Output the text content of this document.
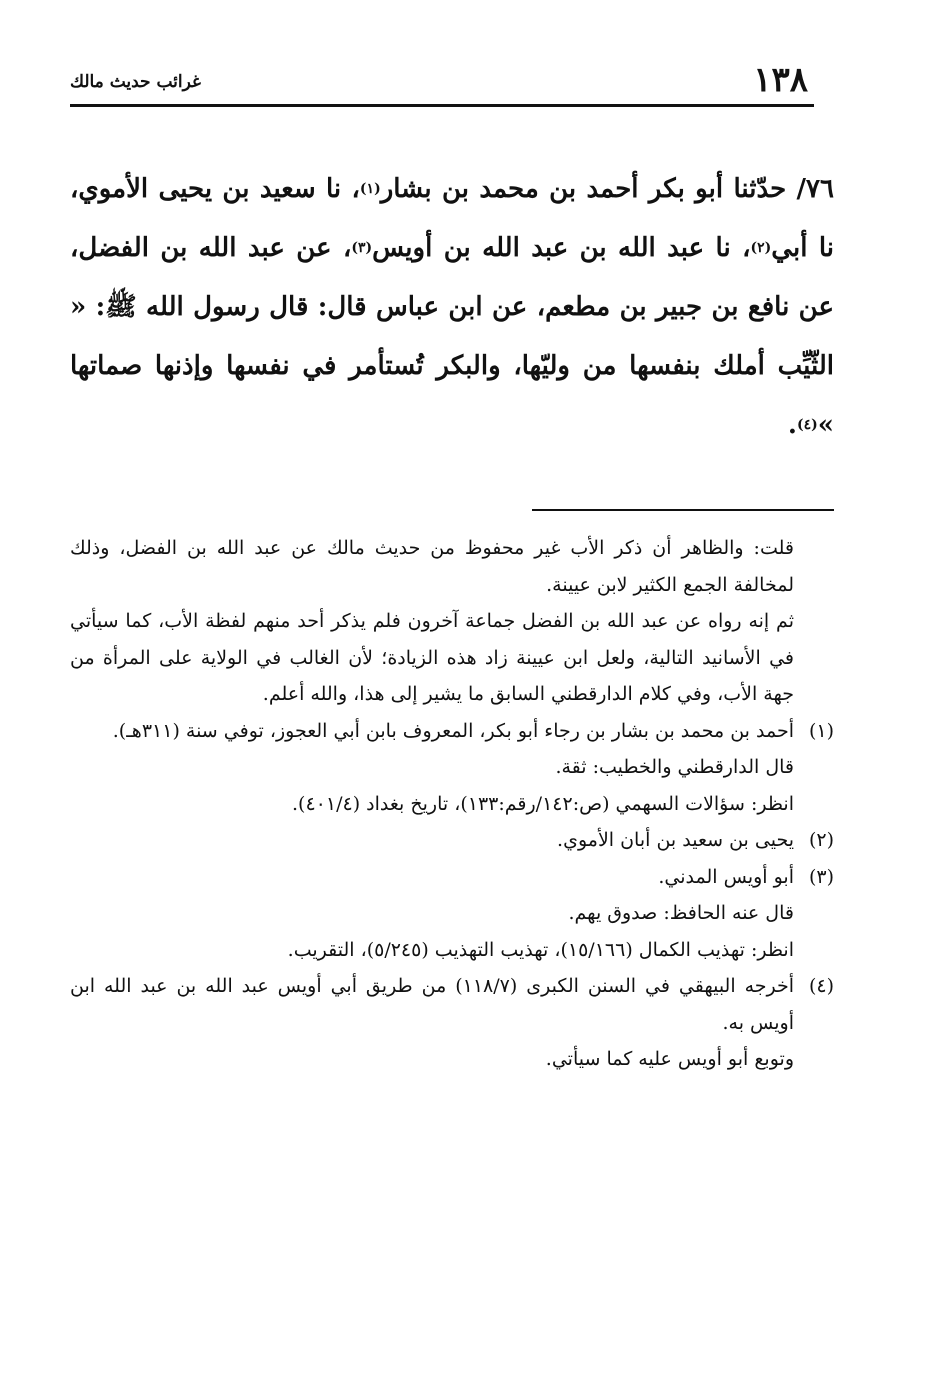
١٣٨
غرائب حديث مالك

٧٦/ حدّثنا أبو بكر أحمد بن محمد بن بشار$^{(١)}$، نا سعيد بن يحيى الأموي، نا أبي$^{(٢)}$، نا عبد الله بن عبد الله بن أويس$^{(٣)}$، عن عبد الله بن الفضل، عن نافع بن جبير بن مطعم، عن ابن عباس قال: قال رسول الله ﷺ: « الثّيِّب أملك بنفسها من وليّها، والبكر تُستأمر في نفسها وإذنها صماتها »$^{(٤)}$.

قلت: والظاهر أن ذكر الأب غير محفوظ من حديث مالك عن عبد الله بن الفضل، وذلك لمخالفة الجمع الكثير لابن عيينة.

ثم إنه رواه عن عبد الله بن الفضل جماعة آخرون فلم يذكر أحد منهم لفظة الأب، كما سيأتي في الأسانيد التالية، ولعل ابن عيينة زاد هذه الزيادة؛ لأن الغالب في الولاية على المرأة من جهة الأب، وفي كلام الدارقطني السابق ما يشير إلى هذا، والله أعلم.

(١)
أحمد بن محمد بن بشار بن رجاء أبو بكر، المعروف بابن أبي العجوز، توفي سنة (٣١١هـ).

قال الدارقطني والخطيب: ثقة.

انظر: سؤالات السهمي (ص:١٤٢/رقم:١٣٣)، تاريخ بغداد (٤٠١/٤).

(٢)
يحيى بن سعيد بن أبان الأموي.

(٣)
أبو أويس المدني.

قال عنه الحافظ: صدوق يهم.

انظر: تهذيب الكمال (١٥/١٦٦)، تهذيب التهذيب (٥/٢٤٥)، التقريب.

(٤)
أخرجه البيهقي في السنن الكبرى (١١٨/٧) من طريق أبي أويس عبد الله بن عبد الله ابن أويس به.

وتوبع أبو أويس عليه كما سيأتي.
